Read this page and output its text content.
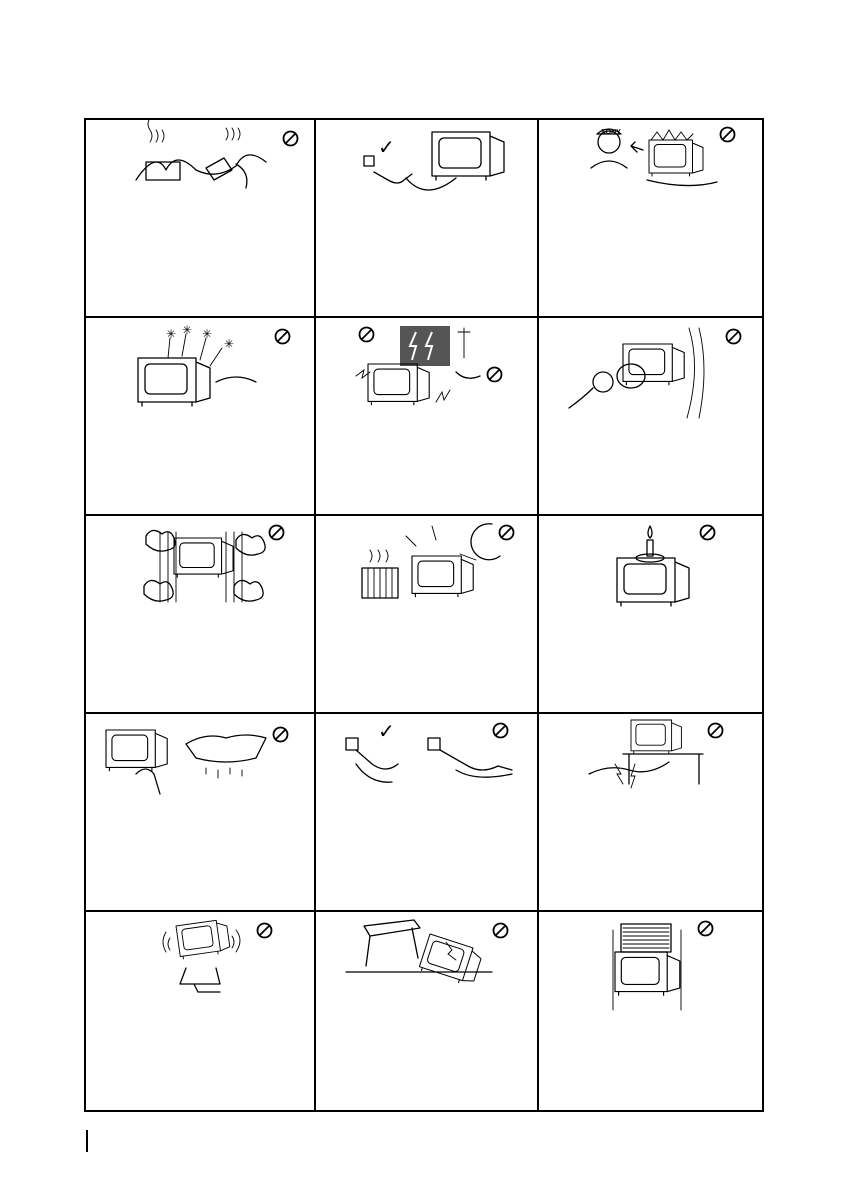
✓
SONY
✳ ✳ ✳
✳
✓
